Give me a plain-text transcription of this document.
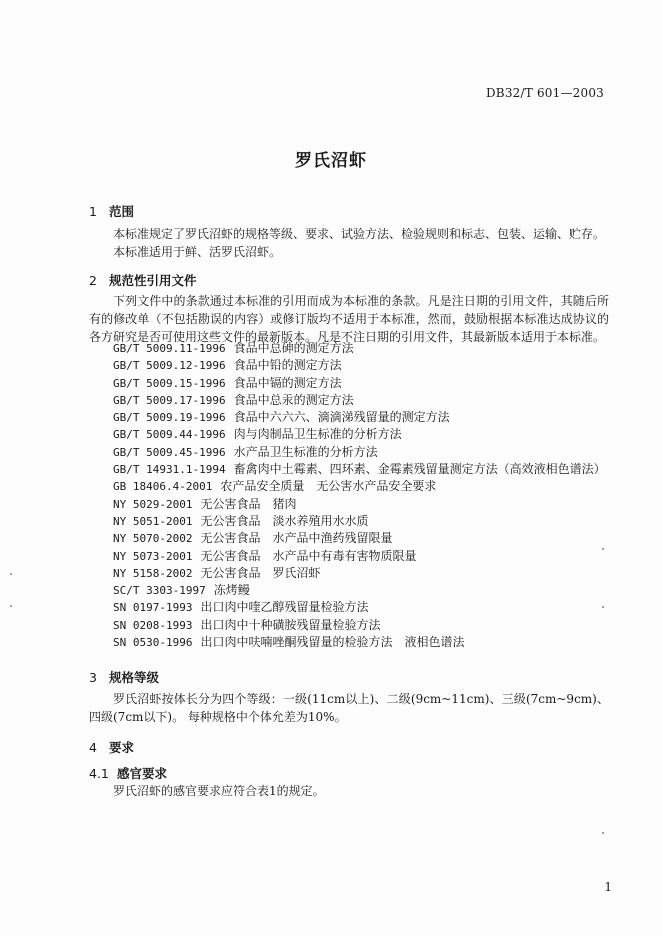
DB32/T 601—2003
罗氏沼虾
1 范围
本标准规定了罗氏沼虾的规格等级、要求、试验方法、检验规则和标志、包装、运输、贮存。
本标准适用于鲜、活罗氏沼虾。
2 规范性引用文件
下列文件中的条款通过本标准的引用而成为本标准的条款。凡是注日期的引用文件，其随后所有的修改单（不包括勘误的内容）或修订版均不适用于本标准，然而，鼓励根据本标准达成协议的各方研究是否可使用这些文件的最新版本。凡是不注日期的引用文件，其最新版本适用于本标准。
GB/T 5009.11-1996 食品中总砷的测定方法
GB/T 5009.12-1996 食品中铅的测定方法
GB/T 5009.15-1996 食品中镉的测定方法
GB/T 5009.17-1996 食品中总汞的测定方法
GB/T 5009.19-1996 食品中六六六、滴滴涕残留量的测定方法
GB/T 5009.44-1996 肉与肉制品卫生标准的分析方法
GB/T 5009.45-1996 水产品卫生标准的分析方法
GB/T 14931.1-1994 畜禽肉中土霉素、四环素、金霉素残留量测定方法（高效液相色谱法）
GB 18406.4-2001 农产品安全质量　无公害水产品安全要求
NY 5029-2001 无公害食品　猪肉
NY 5051-2001 无公害食品　淡水养殖用水水质
NY 5070-2002 无公害食品　水产品中渔药残留限量
NY 5073-2001 无公害食品　水产品中有毒有害物质限量
NY 5158-2002 无公害食品　罗氏沼虾
SC/T 3303-1997 冻烤鳗
SN 0197-1993 出口肉中喹乙醇残留量检验方法
SN 0208-1993 出口肉中十种磺胺残留量检验方法
SN 0530-1996 出口肉中呋喃唑酮残留量的检验方法　液相色谱法
3 规格等级
罗氏沼虾按体长分为四个等级：一级(11cm以上)、二级(9cm~11cm)、三级(7cm~9cm)、四级(7cm以下)。 每种规格中个体允差为10%。
4 要求
4.1 感官要求
罗氏沼虾的感官要求应符合表1的规定。
1
